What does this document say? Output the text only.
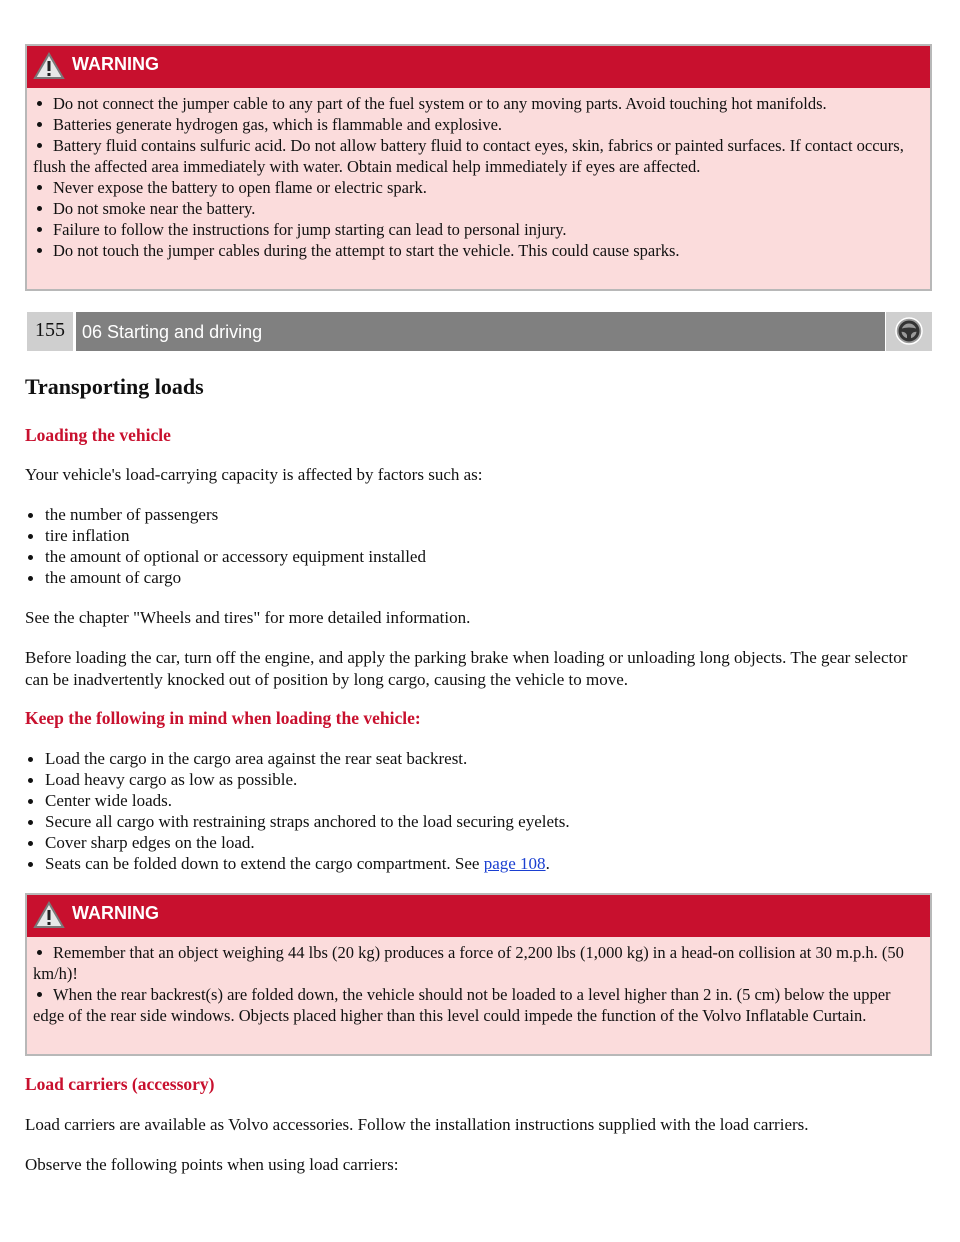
WARNING
Do not connect the jumper cable to any part of the fuel system or to any moving parts. Avoid touching hot manifolds.
Batteries generate hydrogen gas, which is flammable and explosive.
Battery fluid contains sulfuric acid. Do not allow battery fluid to contact eyes, skin, fabrics or painted surfaces. If contact occurs, flush the affected area immediately with water. Obtain medical help immediately if eyes are affected.
Never expose the battery to open flame or electric spark.
Do not smoke near the battery.
Failure to follow the instructions for jump starting can lead to personal injury.
Do not touch the jumper cables during the attempt to start the vehicle. This could cause sparks.
155 06 Starting and driving
Transporting loads
Loading the vehicle

Your vehicle's load-carrying capacity is affected by factors such as:

the number of passengers
tire inflation
the amount of optional or accessory equipment installed
the amount of cargo

See the chapter "Wheels and tires" for more detailed information.

Before loading the car, turn off the engine, and apply the parking brake when loading or unloading long objects. The gear selector can be inadvertently knocked out of position by long cargo, causing the vehicle to move.

Keep the following in mind when loading the vehicle:
Load the cargo in the cargo area against the rear seat backrest.
Load heavy cargo as low as possible.
Center wide loads.
Secure all cargo with restraining straps anchored to the load securing eyelets.
Cover sharp edges on the load.
Seats can be folded down to extend the cargo compartment. See page 108.
WARNING
Remember that an object weighing 44 lbs (20 kg) produces a force of 2,200 lbs (1,000 kg) in a head-on collision at 30 m.p.h. (50 km/h)!
When the rear backrest(s) are folded down, the vehicle should not be loaded to a level higher than 2 in. (5 cm) below the upper edge of the rear side windows. Objects placed higher than this level could impede the function of the Volvo Inflatable Curtain.
Load carriers (accessory)

Load carriers are available as Volvo accessories. Follow the installation instructions supplied with the load carriers.

Observe the following points when using load carriers:
